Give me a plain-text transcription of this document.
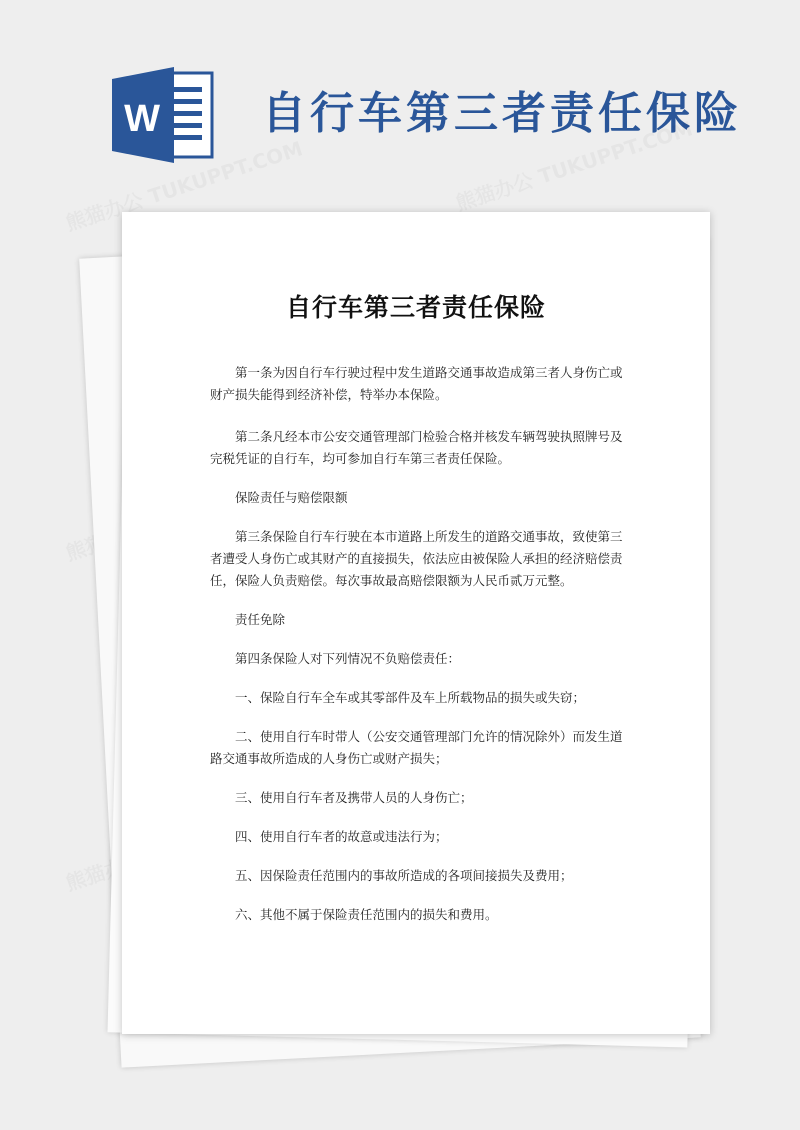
W 自行车第三者责任保险
自行车第三者责任保险

第一条为因自行车行驶过程中发生道路交通事故造成第三者人身伤亡或财产损失能得到经济补偿，特举办本保险。

第二条凡经本市公安交通管理部门检验合格并核发车辆驾驶执照牌号及完税凭证的自行车，均可参加自行车第三者责任保险。

保险责任与赔偿限额

第三条保险自行车行驶在本市道路上所发生的道路交通事故，致使第三者遭受人身伤亡或其财产的直接损失，依法应由被保险人承担的经济赔偿责任，保险人负责赔偿。每次事故最高赔偿限额为人民币贰万元整。

责任免除

第四条保险人对下列情况不负赔偿责任：

一、保险自行车全车或其零部件及车上所载物品的损失或失窃；

二、使用自行车时带人（公安交通管理部门允许的情况除外）而发生道路交通事故所造成的人身伤亡或财产损失；

三、使用自行车者及携带人员的人身伤亡；

四、使用自行车者的故意或违法行为；

五、因保险责任范围内的事故所造成的各项间接损失及费用；

六、其他不属于保险责任范围内的损失和费用。
